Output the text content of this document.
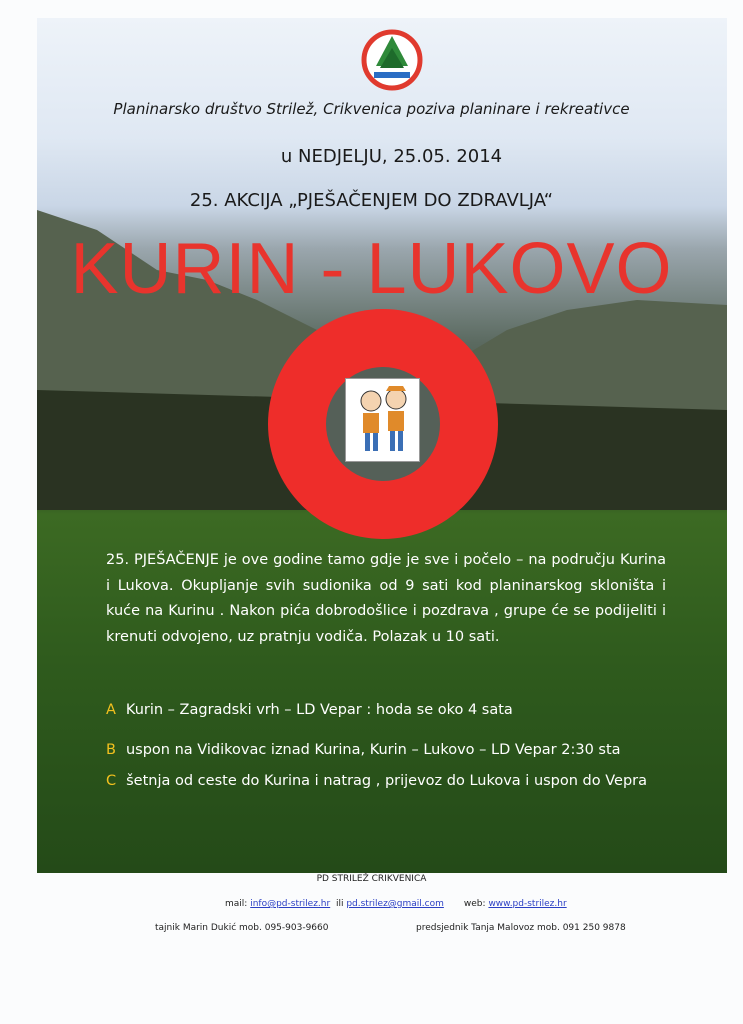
Planinarsko društvo Strilež, Crikvenica poziva planinare i rekreativce
u NEDJELJU, 25.05. 2014
25. AKCIJA „PJEŠAČENJEM DO ZDRAVLJA“
KURIN - LUKOVO
25. PJEŠAČENJE je ove godine tamo gdje je sve i počelo – na području Kurina i Lukova. Okupljanje svih sudionika od 9 sati kod planinarskog skloništa i kuće na Kurinu . Nakon pića dobrodošlice i pozdrava , grupe će se podijeliti i krenuti odvojeno, uz pratnju vodiča. Polazak u 10 sati.
A Kurin – Zagradski vrh – LD Vepar : hoda se oko 4 sata
B uspon na Vidikovac iznad Kurina, Kurin – Lukovo – LD Vepar 2:30 sta
C šetnja od ceste do Kurina i natrag , prijevoz do Lukova i uspon do Vepra
PD STRILEŽ CRIKVENICA
mail: info@pd-strilez.hr ili pd.strilez@gmail.com web: www.pd-strilez.hr
tajnik Marin Dukić mob. 095-903-9660	predsjednik Tanja Malovoz mob. 091 250 9878
